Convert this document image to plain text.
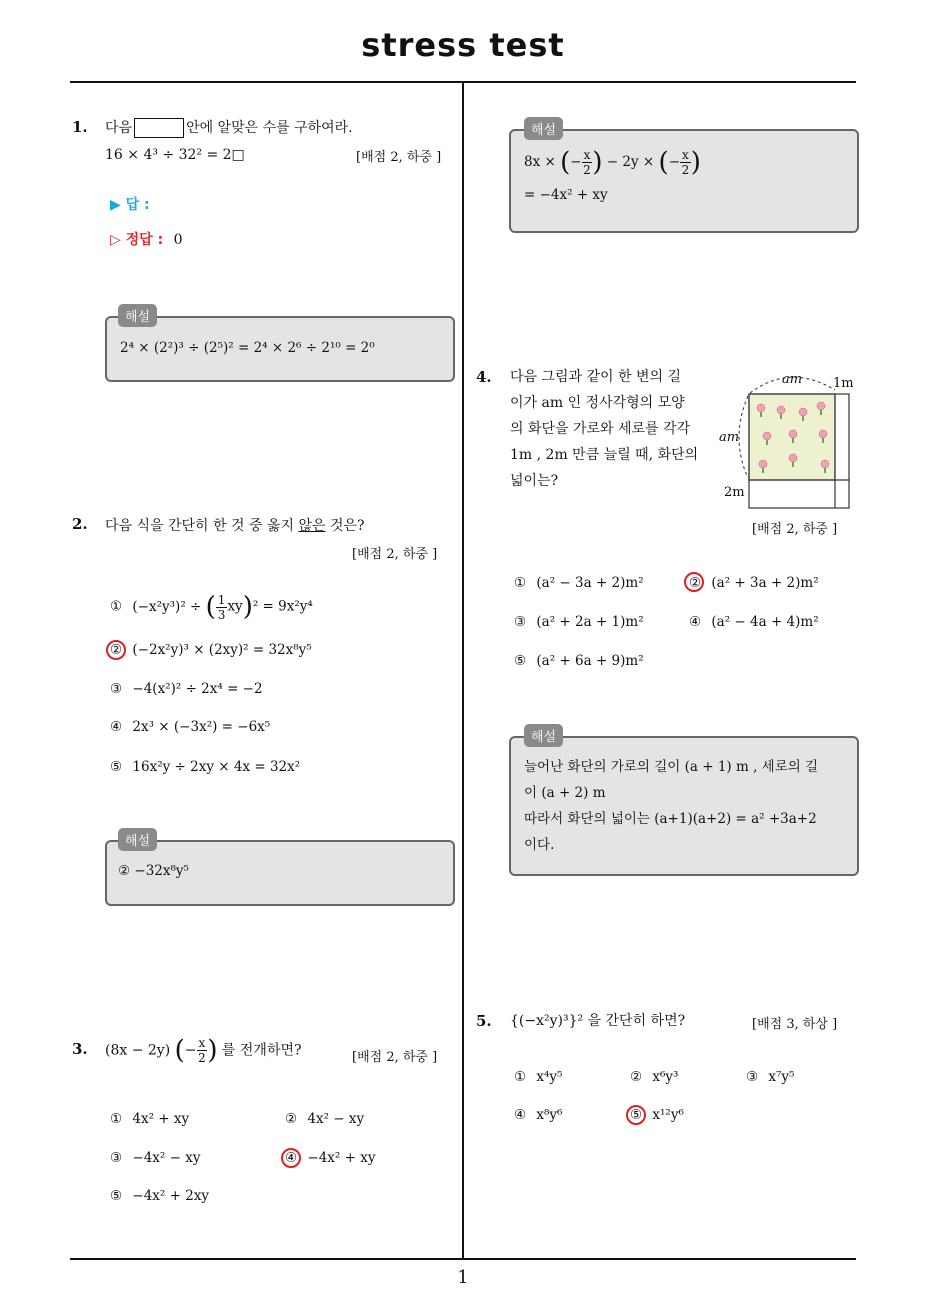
stress test
1. 다음	안에 알맞은 수를 구하여라.
16 × 4³ ÷ 32² = 2□	[배점 2, 하중 ]
▶ 답 :
▷ 정답 : 0
해설
2⁴ × (2²)³ ÷ (2⁵)² = 2⁴ × 2⁶ ÷ 2¹⁰ = 2⁰
2. 다음 식을 간단히 한 것 중 옳지 않은 것은?
[배점 2, 하중 ]
① (−x²y³)² ÷ ( $\frac{1}{3} xy)^2 = 9x^2y^4$
② (−2x²y)³ × (2xy)² = 32x⁸y⁵
③ −4(x²)² ÷ 2x⁴ = −2
④ 2x³ × (−3x²) = −6x⁵
⑤ 16x²y ÷ 2xy × 4x = 32x²
해설
② −32x⁸y⁵
3. (8x − 2y) (− $\frac{x}{2}$ ) 를 전개하면?	[배점 2, 하중 ]
① 4x² + xy	② 4x² − xy
③ −4x² − xy	④ −4x² + xy
⑤ −4x² + 2xy
해설
8x × (− $\frac{x}{2}$ ) − 2y × (− $\frac{x}{2}$ )
= −4x² + xy
4. 다음 그림과 같이 한 변의 길
이가 am 인 정사각형의 모양
의 화단을 가로와 세로를 각각
1m , 2m 만큼 늘릴 때, 화단의
넓이는?
am 1m
am
2m
[배점 2, 하중 ]
① (a² − 3a + 2)m²	② (a² + 3a + 2)m²
③ (a² + 2a + 1)m²	④ (a² − 4a + 4)m²
⑤ (a² + 6a + 9)m²
해설
늘어난 화단의 가로의 길이 (a + 1) m , 세로의 길
이 (a + 2) m
따라서 화단의 넓이는 (a+1)(a+2) = a² +3a+2
이다.
5. {(−x²y)³}² 을 간단히 하면?	[배점 3, 하상 ]
① x⁴y⁵	② x⁶y³	③ x⁷y⁵
④ x⁸y⁶	⑤ x¹²y⁶
1
